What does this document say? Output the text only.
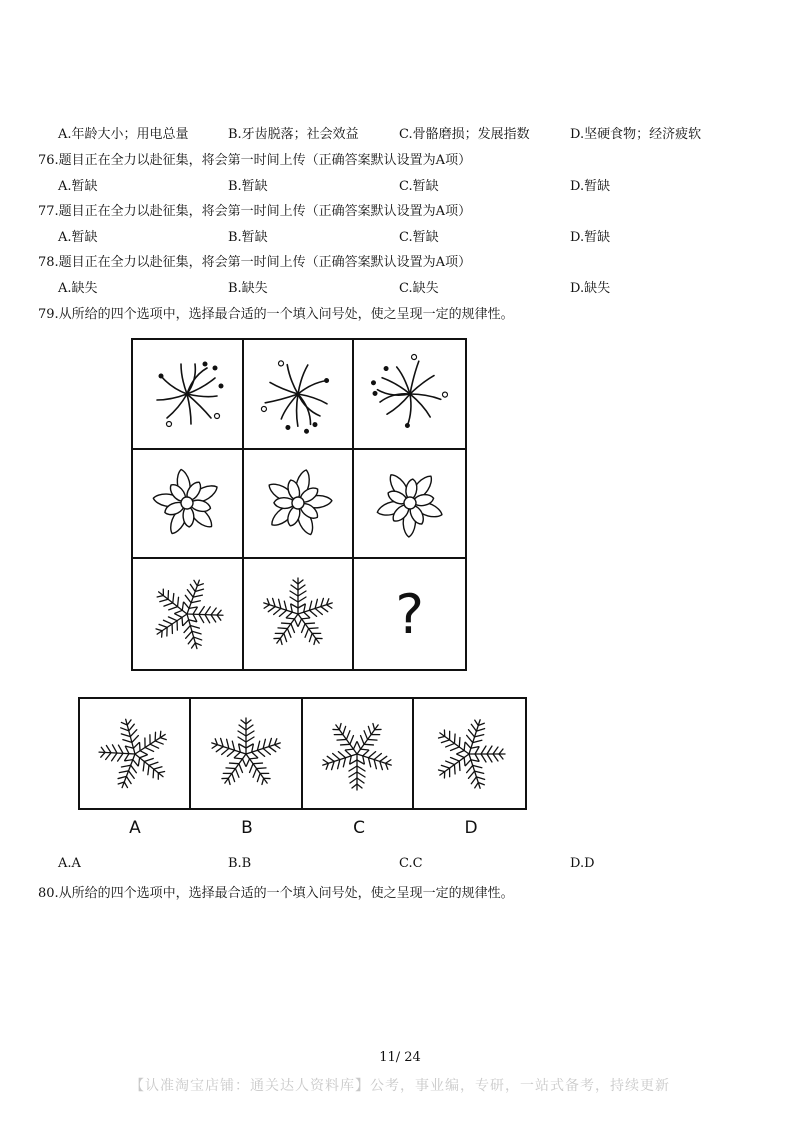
A.年龄大小；用电总量	B.牙齿脱落；社会效益	C.骨骼磨损；发展指数	D.坚硬食物；经济疲软
76.题目正在全力以赴征集，将会第一时间上传（正确答案默认设置为A项）
A.暂缺	B.暂缺	C.暂缺	D.暂缺
77.题目正在全力以赴征集，将会第一时间上传（正确答案默认设置为A项）
A.暂缺	B.暂缺	C.暂缺	D.暂缺
78.题目正在全力以赴征集，将会第一时间上传（正确答案默认设置为A项）
A.缺失	B.缺失	C.缺失	D.缺失
79.从所给的四个选项中，选择最合适的一个填入问号处，使之呈现一定的规律性。
?
A	B	C	D
A.A	B.B	C.C	D.D
80.从所给的四个选项中，选择最合适的一个填入问号处，使之呈现一定的规律性。
11/ 24
【认准淘宝店铺：通关达人资料库】公考，事业编，专研，一站式备考，持续更新
